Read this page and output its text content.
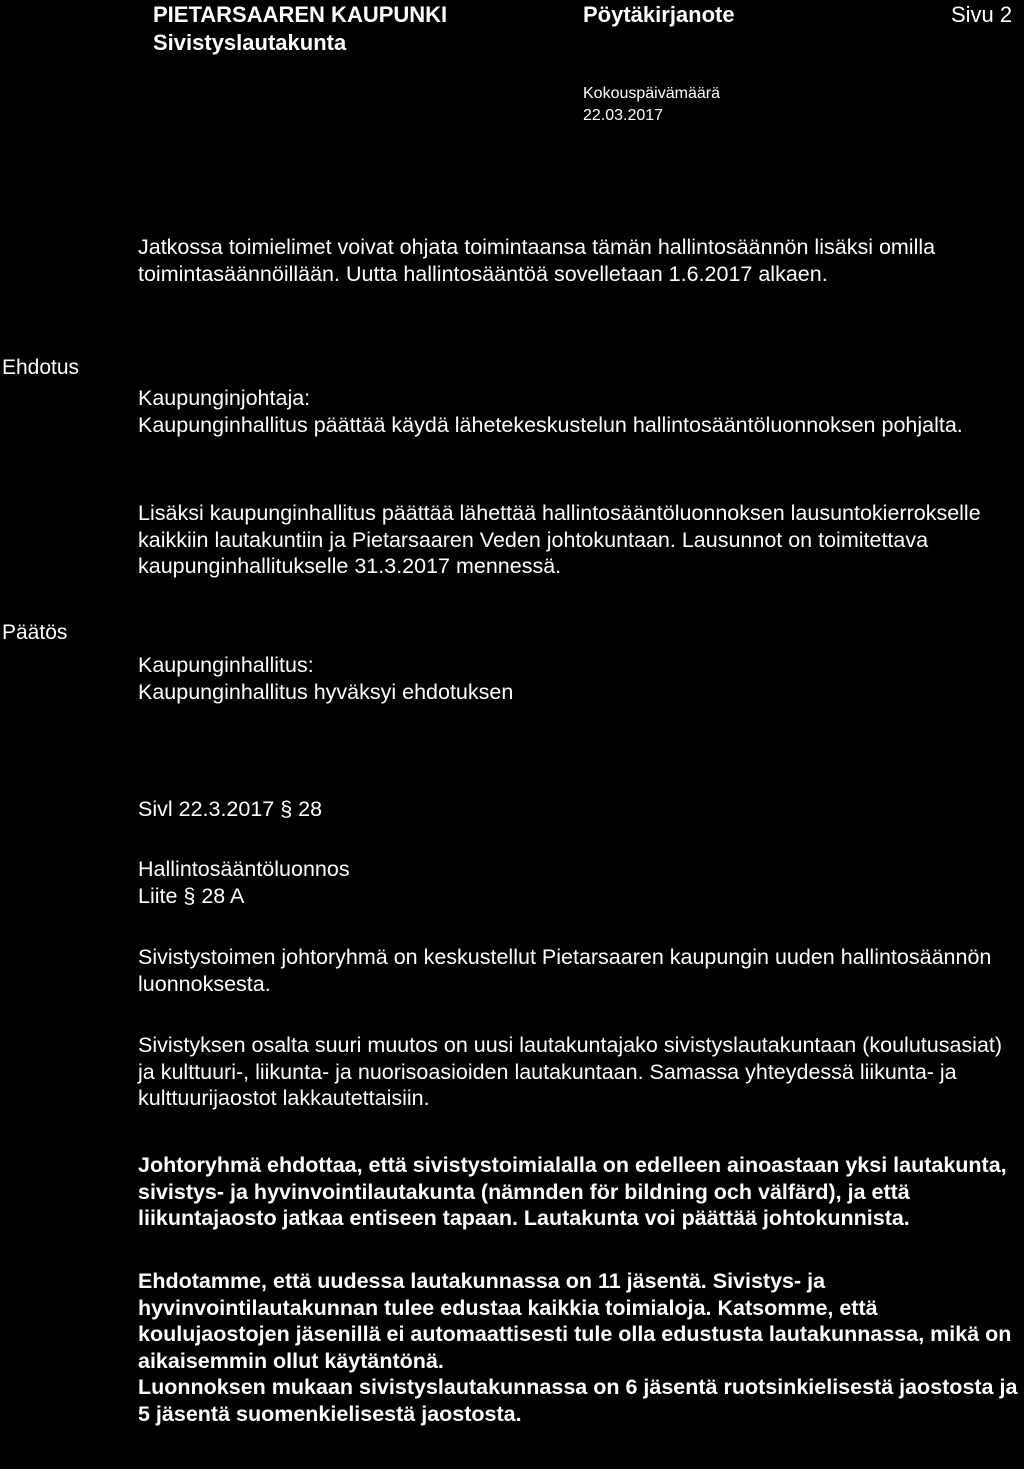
PIETARSAAREN KAUPUNKI
Sivistyslautakunta
Pöytäkirjanote	Sivu 2
Kokouspäivämäärä
22.03.2017
Ehdotus
Päätös

Jatkossa toimielimet voivat ohjata toimintaansa tämän hallintosäännön lisäksi omilla toimintasäännöillään. Uutta hallintosääntöä sovelletaan 1.6.2017 alkaen.

Kaupunginjohtaja:
Kaupunginhallitus päättää käydä lähetekeskustelun hallintosääntöluonnoksen pohjalta.

Lisäksi kaupunginhallitus päättää lähettää hallintosääntöluonnoksen lausuntokierrokselle kaikkiin lautakuntiin ja Pietarsaaren Veden johtokuntaan. Lausunnot on toimitettava kaupunginhallitukselle 31.3.2017 mennessä.

Kaupunginhallitus:
Kaupunginhallitus hyväksyi ehdotuksen

Sivl 22.3.2017 § 28

Hallintosääntöluonnos
Liite § 28 A

Sivistystoimen johtoryhmä on keskustellut Pietarsaaren kaupungin uuden hallintosäännön luonnoksesta.

Sivistyksen osalta suuri muutos on uusi lautakuntajako sivistyslautakuntaan (koulutusasiat) ja kulttuuri-, liikunta- ja nuorisoasioiden lautakuntaan. Samassa yhteydessä liikunta- ja kulttuurijaostot lakkautettaisiin.

Johtoryhmä ehdottaa, että sivistystoimialalla on edelleen ainoastaan yksi lautakunta, sivistys- ja hyvinvointilautakunta (nämnden för bildning och välfärd), ja että liikuntajaosto jatkaa entiseen tapaan. Lautakunta voi päättää johtokunnista.

Ehdotamme, että uudessa lautakunnassa on 11 jäsentä. Sivistys- ja hyvinvointilautakunnan tulee edustaa kaikkia toimialoja. Katsomme, että koulujaostojen jäsenillä ei automaattisesti tule olla edustusta lautakunnassa, mikä on aikaisemmin ollut käytäntönä.
Luonnoksen mukaan sivistyslautakunnassa on 6 jäsentä ruotsinkielisestä jaostosta ja 5 jäsentä suomenkielisestä jaostosta.
